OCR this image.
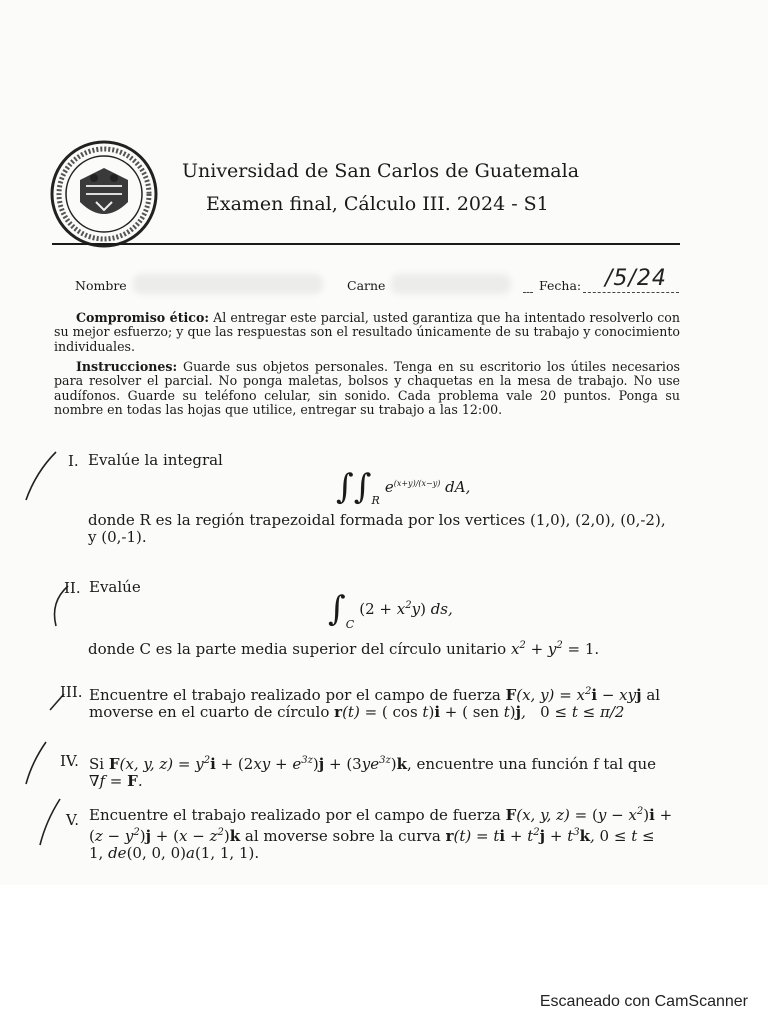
Universidad de San Carlos de Guatemala
Examen final, Cálculo III. 2024 - S1
Nombre	Carne	Fecha: /5/24
Compromiso ético: Al entregar este parcial, usted garantiza que ha intentado resolverlo con su mejor esfuerzo; y que las respuestas son el resultado únicamente de su trabajo y conocimiento individuales.
Instrucciones: Guarde sus objetos personales. Tenga en su escritorio los útiles necesarios para resolver el parcial. No ponga maletas, bolsos y chaquetas en la mesa de trabajo. No use audífonos. Guarde su teléfono celular, sin sonido. Cada problema vale 20 puntos. Ponga su nombre en todas las hojas que utilice, entregar su trabajo a las 12:00.
I. Evalúe la integral
$\int\int_R$ $e^{(x+y)/(x-y)}$ dA,
donde R es la región trapezoidal formada por los vertices (1,0), (2,0), (0,-2), y (0,-1).
II. Evalúe
$\int_C$ $(2 + x^2y)$ ds,
donde C es la parte media superior del círculo unitario $x^2 + y^2 = 1$.
III. Encuentre el trabajo realizado por el campo de fuerza F(x, $y) = x^2i$ − xyj al
moverse en el cuarto de círculo r(t) = ( cos t)i + ( sen t)j,   0 ≤ t ≤ π/2
IV. Si F(x, y, $z) = y^2i + (2xy + e^{3z})j + (3ye^{3z})k$, encuentre una función f tal que
∇f = F.
V. Encuentre el trabajo realizado por el campo de fuerza F(x, y, $z) = (y - x^2)i$ +
$(z - y^2)j + (x - z^2)k$ al moverse sobre la curva r(t) = ti + $t^2j + t^3k$, 0 ≤ t ≤
1, de(0, 0, 0)a(1, 1, 1).
Escaneado con CamScanner
